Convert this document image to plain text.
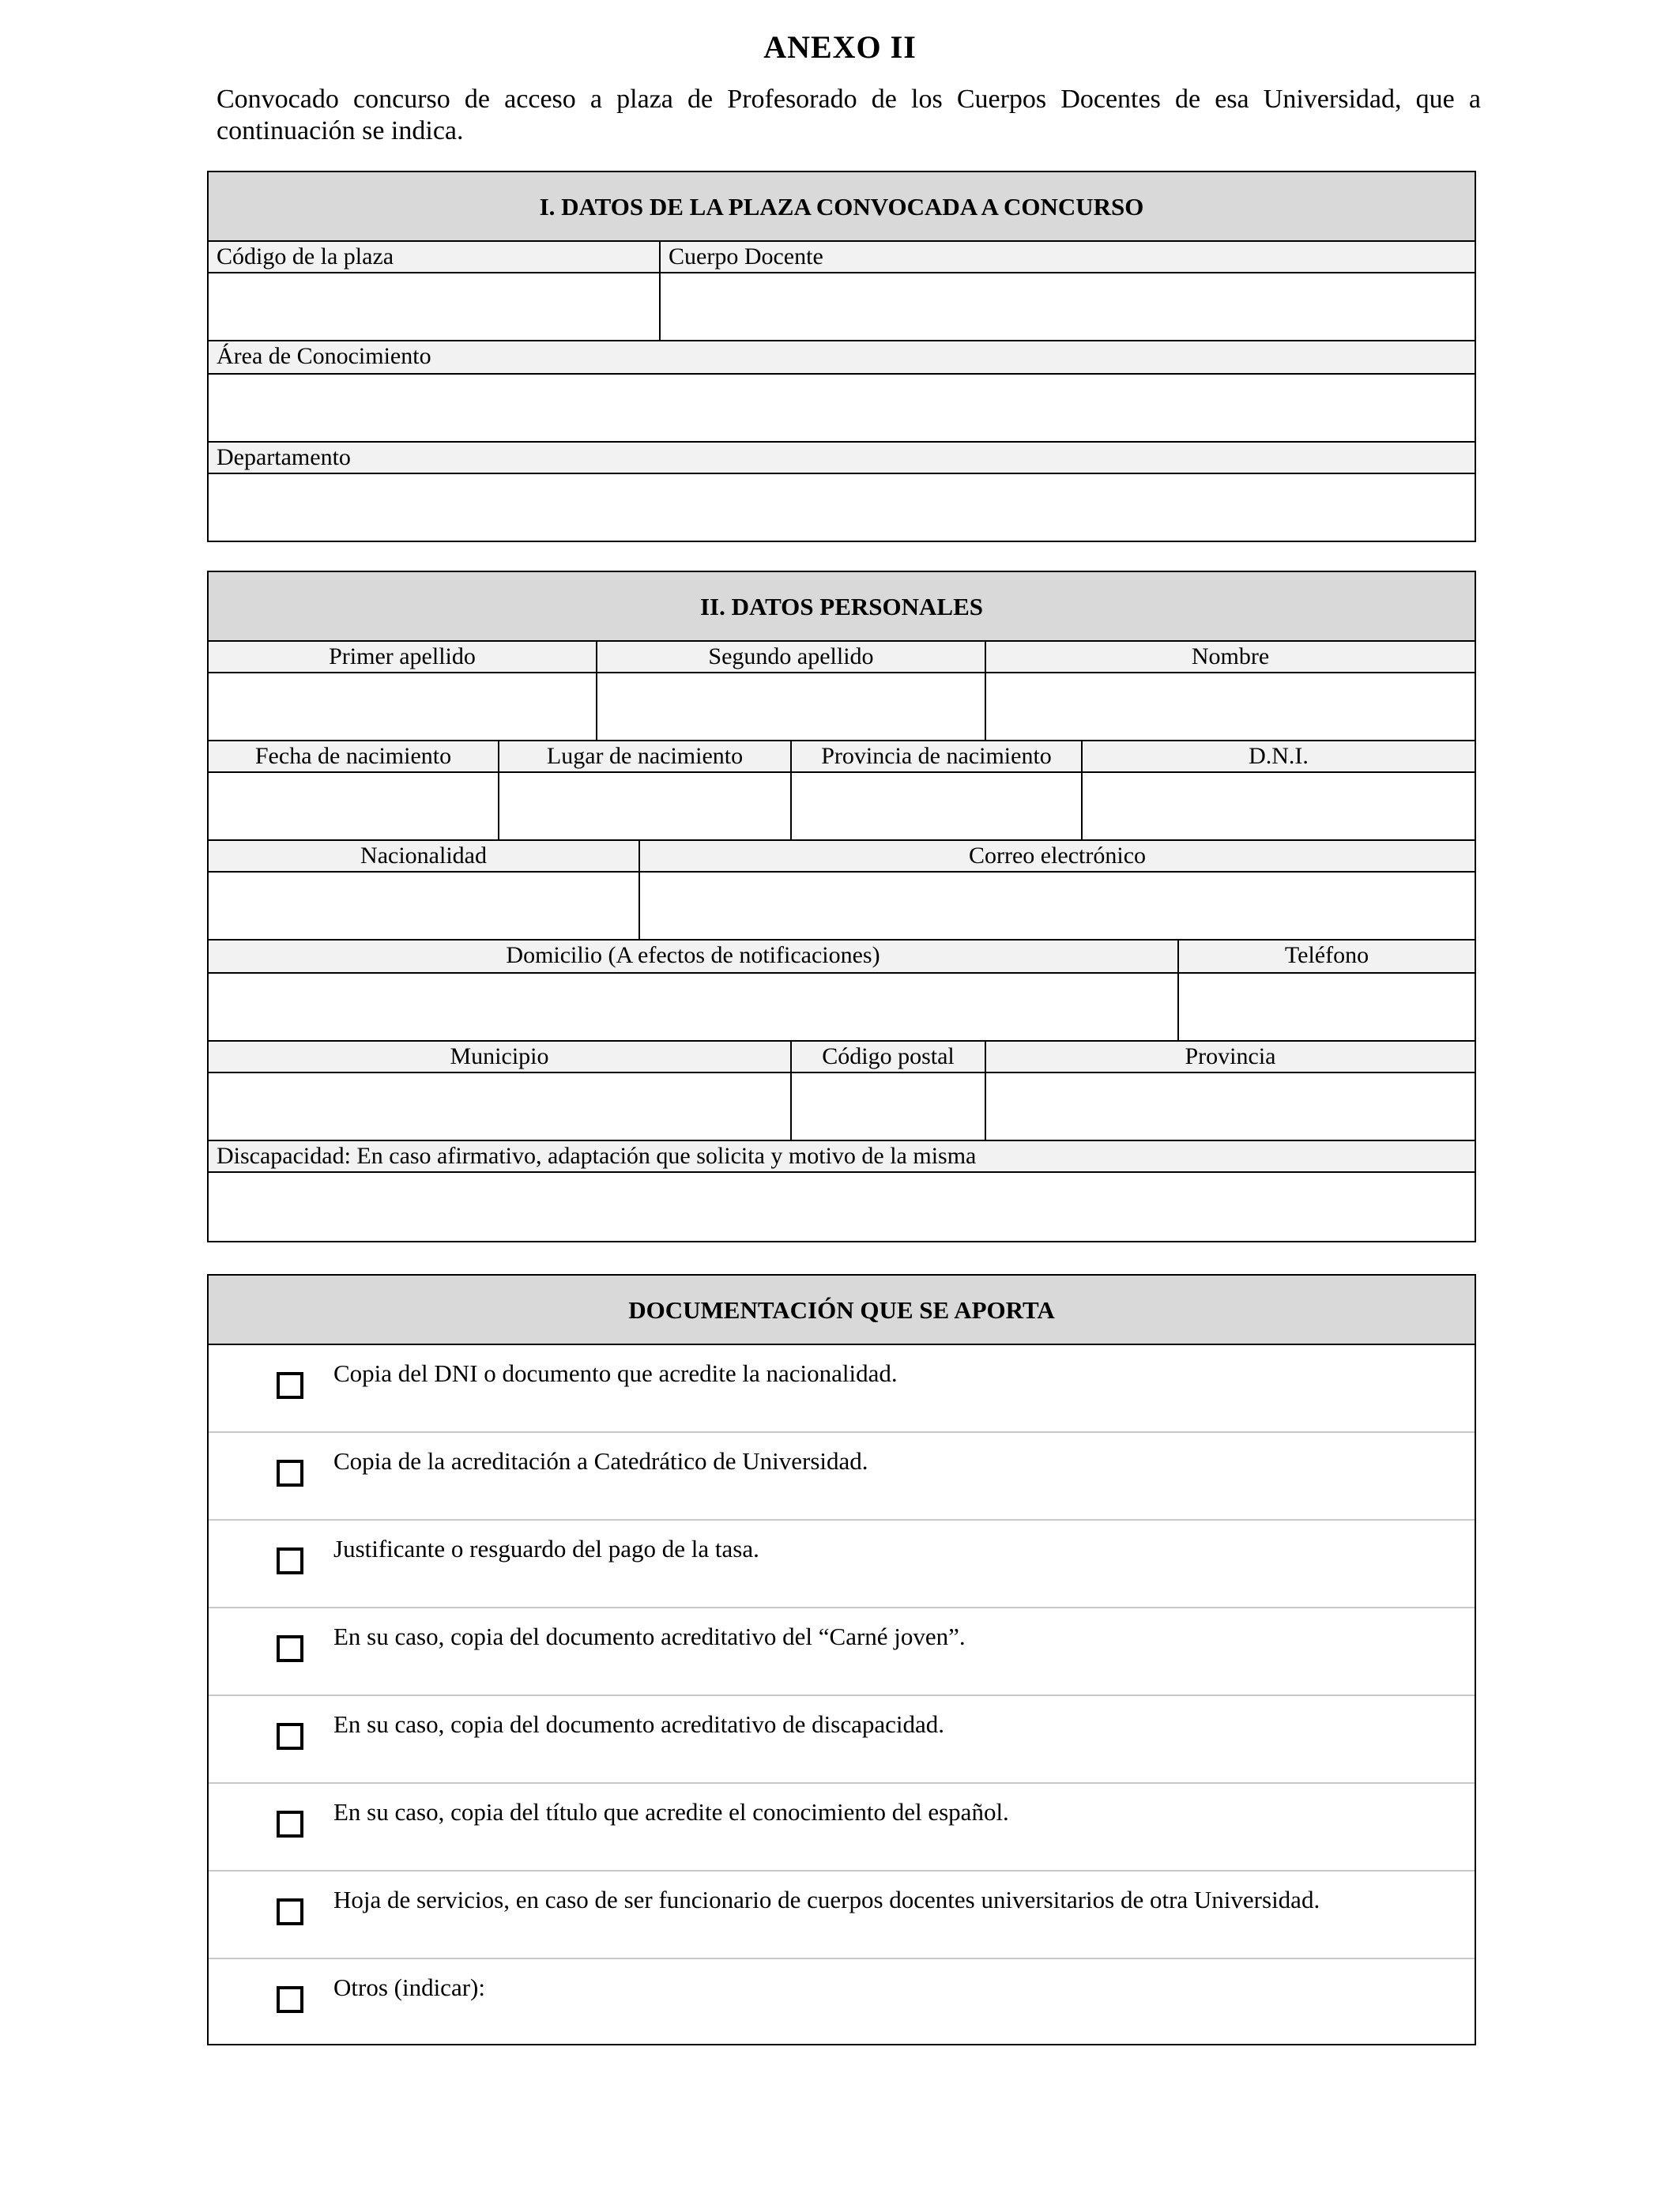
ANEXO II
Convocado concurso de acceso a plaza de Profesorado de los Cuerpos Docentes de esa Universidad, que a continuación se indica.
I. DATOS DE LA PLAZA CONVOCADA A CONCURSO
Código de la plaza	Cuerpo Docente
Área de Conocimiento
Departamento
II. DATOS PERSONALES
Primer apellido	Segundo apellido	Nombre
Fecha de nacimiento	Lugar de nacimiento	Provincia de nacimiento	D.N.I.
Nacionalidad	Correo electrónico
Domicilio (A efectos de notificaciones)	Teléfono
Municipio	Código postal	Provincia
Discapacidad: En caso afirmativo, adaptación que solicita y motivo de la misma
DOCUMENTACIÓN QUE SE APORTA
Copia del DNI o documento que acredite la nacionalidad.
Copia de la acreditación a Catedrático de Universidad.
Justificante o resguardo del pago de la tasa.
En su caso, copia del documento acreditativo del “Carné joven”.
En su caso, copia del documento acreditativo de discapacidad.
En su caso, copia del título que acredite el conocimiento del español.
Hoja de servicios, en caso de ser funcionario de cuerpos docentes universitarios de otra Universidad.
Otros (indicar):
